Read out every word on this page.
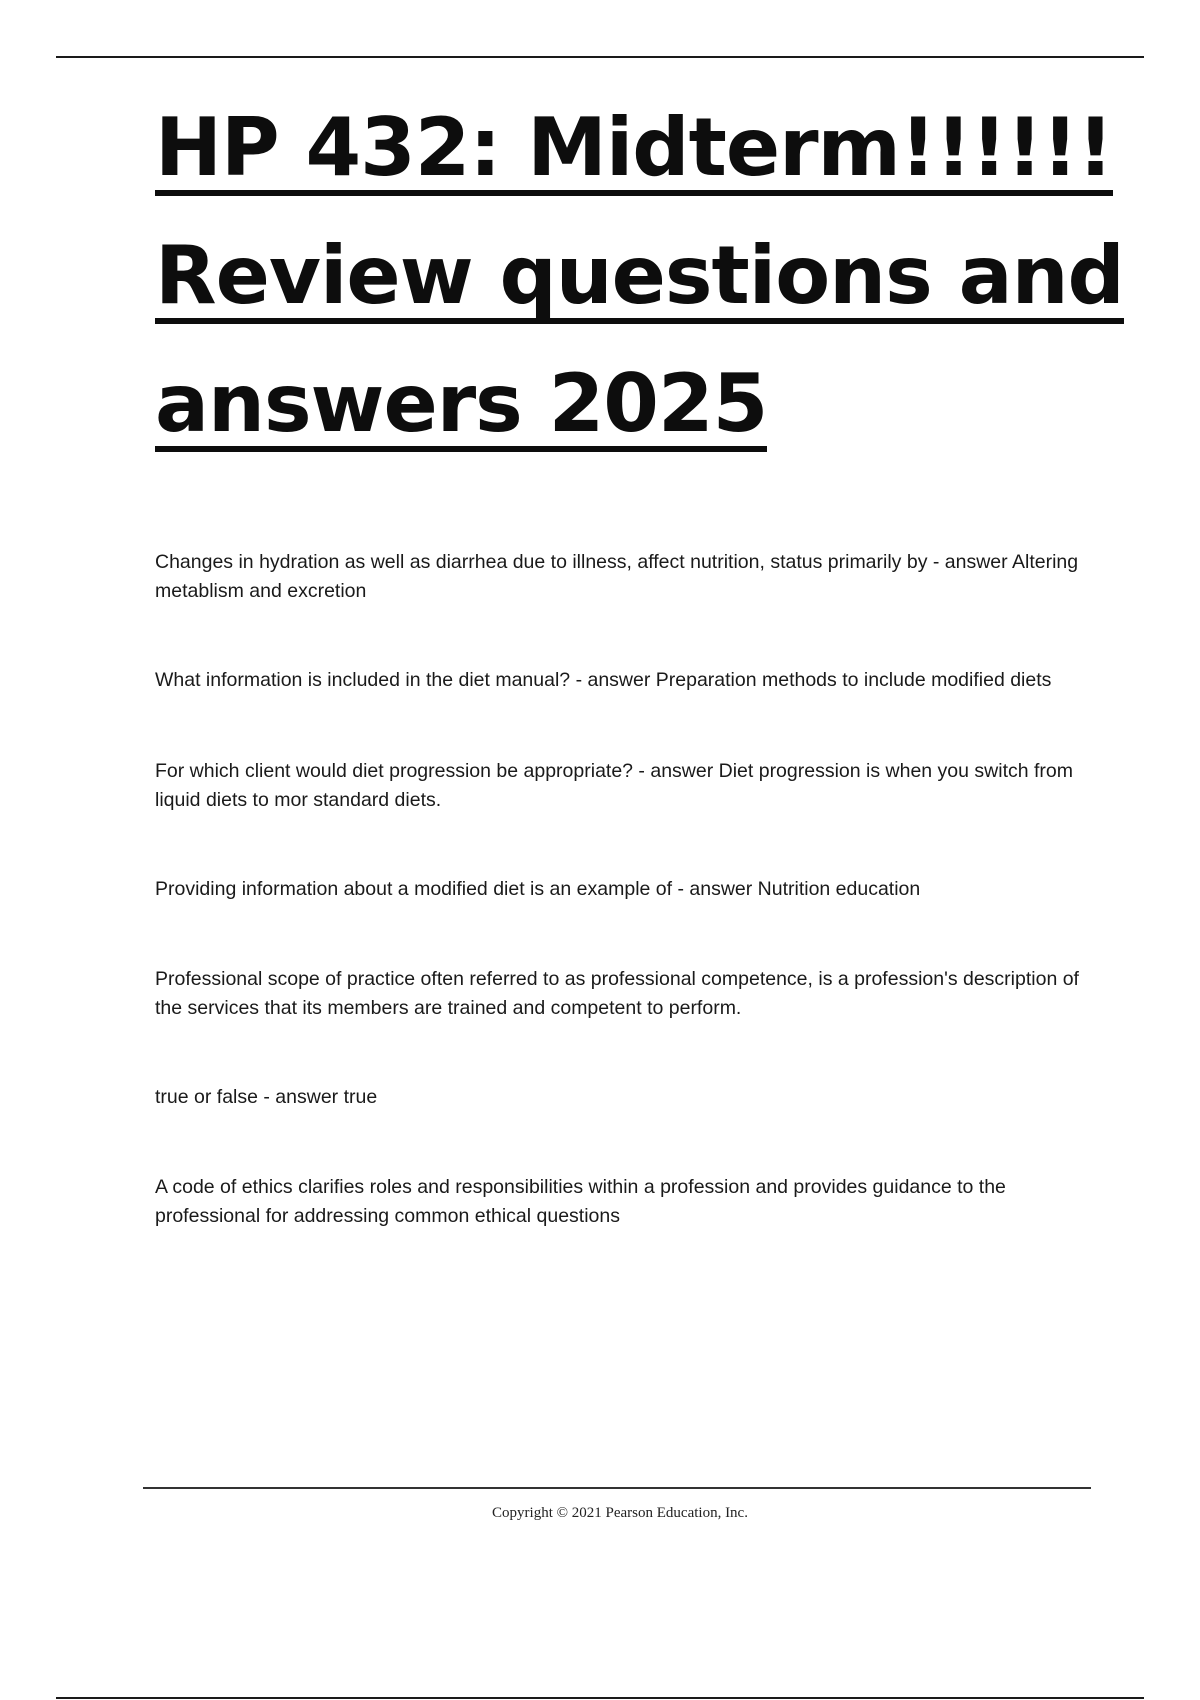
HP 432: Midterm!!!!!!
Review questions and
answers 2025

Changes in hydration as well as diarrhea due to illness, affect nutrition, status primarily by - answer Altering metablism and excretion

What information is included in the diet manual? - answer Preparation methods to include modified diets

For which client would diet progression be appropriate? - answer Diet progression is when you switch from liquid diets to mor standard diets.

Providing information about a modified diet is an example of - answer Nutrition education

Professional scope of practice often referred to as professional competence, is a profession's description of the services that its members are trained and competent to perform.

true or false - answer true

A code of ethics clarifies roles and responsibilities within a profession and provides guidance to the professional for addressing common ethical questions

Copyright © 2021 Pearson Education, Inc.
